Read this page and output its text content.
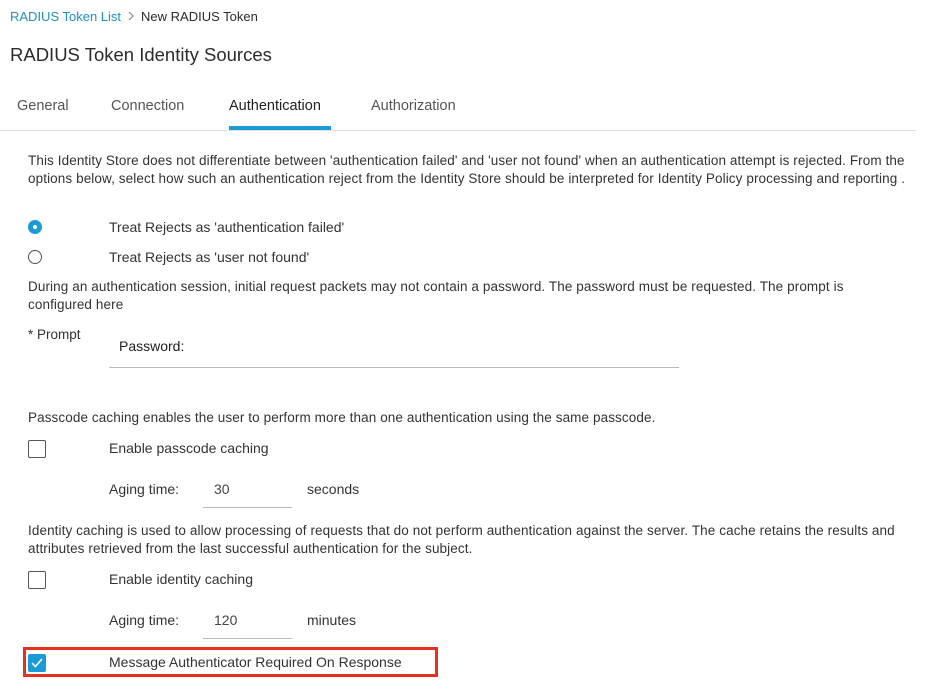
RADIUS Token List New RADIUS Token
RADIUS Token Identity Sources
General	Connection	Authentication	Authorization
This Identity Store does not differentiate between 'authentication failed' and 'user not found' when an authentication attempt is rejected. From the options below, select how such an authentication reject from the Identity Store should be interpreted for Identity Policy processing and reporting .
Treat Rejects as 'authentication failed'
Treat Rejects as 'user not found'
During an authentication session, initial request packets may not contain a password. The password must be requested. The prompt is configured here
* Prompt
Password:
Passcode caching enables the user to perform more than one authentication using the same passcode.
Enable passcode caching
Aging time: 30	seconds
Identity caching is used to allow processing of requests that do not perform authentication against the server. The cache retains the results and attributes retrieved from the last successful authentication for the subject.
Enable identity caching
Aging time: 120	minutes
Message Authenticator Required On Response
